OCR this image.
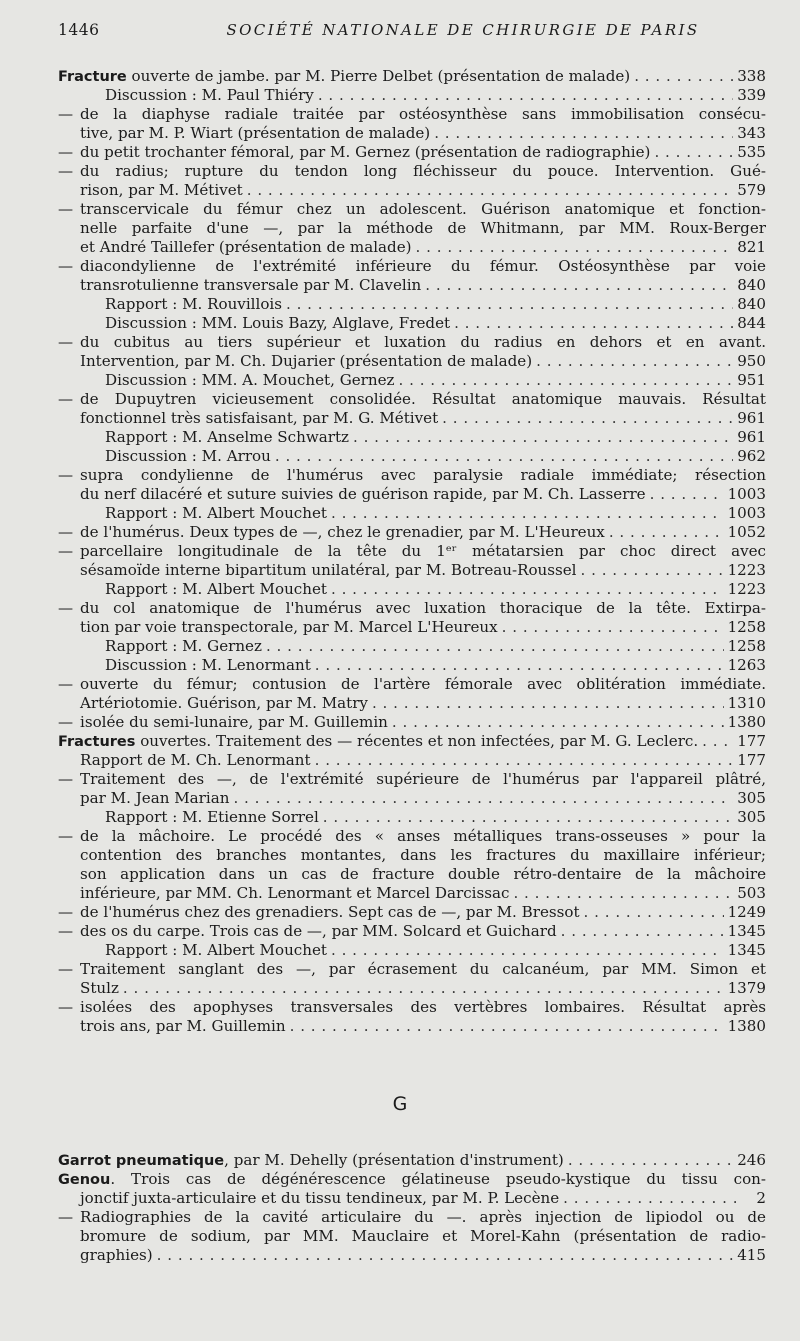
1446	SOCIÉTÉ NATIONALE DE CHIRURGIE DE PARIS
Fracture ouverte de jambe. par M. Pierre Delbet (présentation de malade) . . .	338
Discussion : M. Paul Thiéry . . .	339
— de la diaphyse radiale traitée par ostéosynthèse sans immobilisation consécu-
tive, par M. P. Wiart (présentation de malade) . . .	343
— du petit trochanter fémoral, par M. Gernez (présentation de radiographie) . . .	535
— du radius; rupture du tendon long fléchisseur du pouce. Intervention. Gué-
rison, par M. Métivet . . .	579
— transcervicale du fémur chez un adolescent. Guérison anatomique et fonction-
nelle parfaite d'une —, par la méthode de Whitmann, par MM. Roux-Berger
et André Taillefer (présentation de malade) . . .	821
— diacondylienne de l'extrémité inférieure du fémur. Ostéosynthèse par voie
transrotulienne transversale par M. Clavelin . . .	840
Rapport : M. Rouvillois . . .	840
Discussion : MM. Louis Bazy, Alglave, Fredet . . .	844
— du cubitus au tiers supérieur et luxation du radius en dehors et en avant.
Intervention, par M. Ch. Dujarier (présentation de malade) . . .	950
Discussion : MM. A. Mouchet, Gernez . . .	951
— de Dupuytren vicieusement consolidée. Résultat anatomique mauvais. Résultat
fonctionnel très satisfaisant, par M. G. Métivet . . .	961
Rapport : M. Anselme Schwartz . . .	961
Discussion : M. Arrou . . .	962
— supra condylienne de l'humérus avec paralysie radiale immédiate; résection
du nerf dilacéré et suture suivies de guérison rapide, par M. Ch. Lasserre . . .	1003
Rapport : M. Albert Mouchet . . .	1003
— de l'humérus. Deux types de —, chez le grenadier, par M. L'Heureux . . .	1052
— parcellaire longitudinale de la tête du 1ᵉʳ métatarsien par choc direct avec
sésamoïde interne bipartitum unilatéral, par M. Botreau-Roussel . . .	1223
Rapport : M. Albert Mouchet . . .	1223
— du col anatomique de l'humérus avec luxation thoracique de la tête. Extirpa-
tion par voie transpectorale, par M. Marcel L'Heureux . . .	1258
Rapport : M. Gernez . . .	1258
Discussion : M. Lenormant . . .	1263
— ouverte du fémur; contusion de l'artère fémorale avec oblitération immédiate.
Artériotomie. Guérison, par M. Matry . . .	1310
— isolée du semi-lunaire, par M. Guillemin . . .	1380
Fractures ouvertes. Traitement des — récentes et non infectées, par M. G. Leclerc. . . .	177
Rapport de M. Ch. Lenormant . . .	177
— Traitement des —, de l'extrémité supérieure de l'humérus par l'appareil plâtré,
par M. Jean Marian . . .	305
Rapport : M. Etienne Sorrel . . .	305
— de la mâchoire. Le procédé des « anses métalliques trans-osseuses » pour la
contention des branches montantes, dans les fractures du maxillaire inférieur;
son application dans un cas de fracture double rétro-dentaire de la mâchoire
inférieure, par MM. Ch. Lenormant et Marcel Darcissac . . .	503
— de l'humérus chez des grenadiers. Sept cas de —, par M. Bressot . . .	1249
— des os du carpe. Trois cas de —, par MM. Solcard et Guichard . . .	1345
Rapport : M. Albert Mouchet . . .	1345
— Traitement sanglant des —, par écrasement du calcanéum, par MM. Simon et
Stulz . . .	1379
— isolées des apophyses transversales des vertèbres lombaires. Résultat après
trois ans, par M. Guillemin . . .	1380
G
Garrot pneumatique, par M. Dehelly (présentation d'instrument) . . .	246
Genou. Trois cas de dégénérescence gélatineuse pseudo-kystique du tissu con-
jonctif juxta-articulaire et du tissu tendineux, par M. P. Lecène . . .	2
— Radiographies de la cavité articulaire du —. après injection de lipiodol ou de
bromure de sodium, par MM. Mauclaire et Morel-Kahn (présentation de radio-
graphies) . . .	415
